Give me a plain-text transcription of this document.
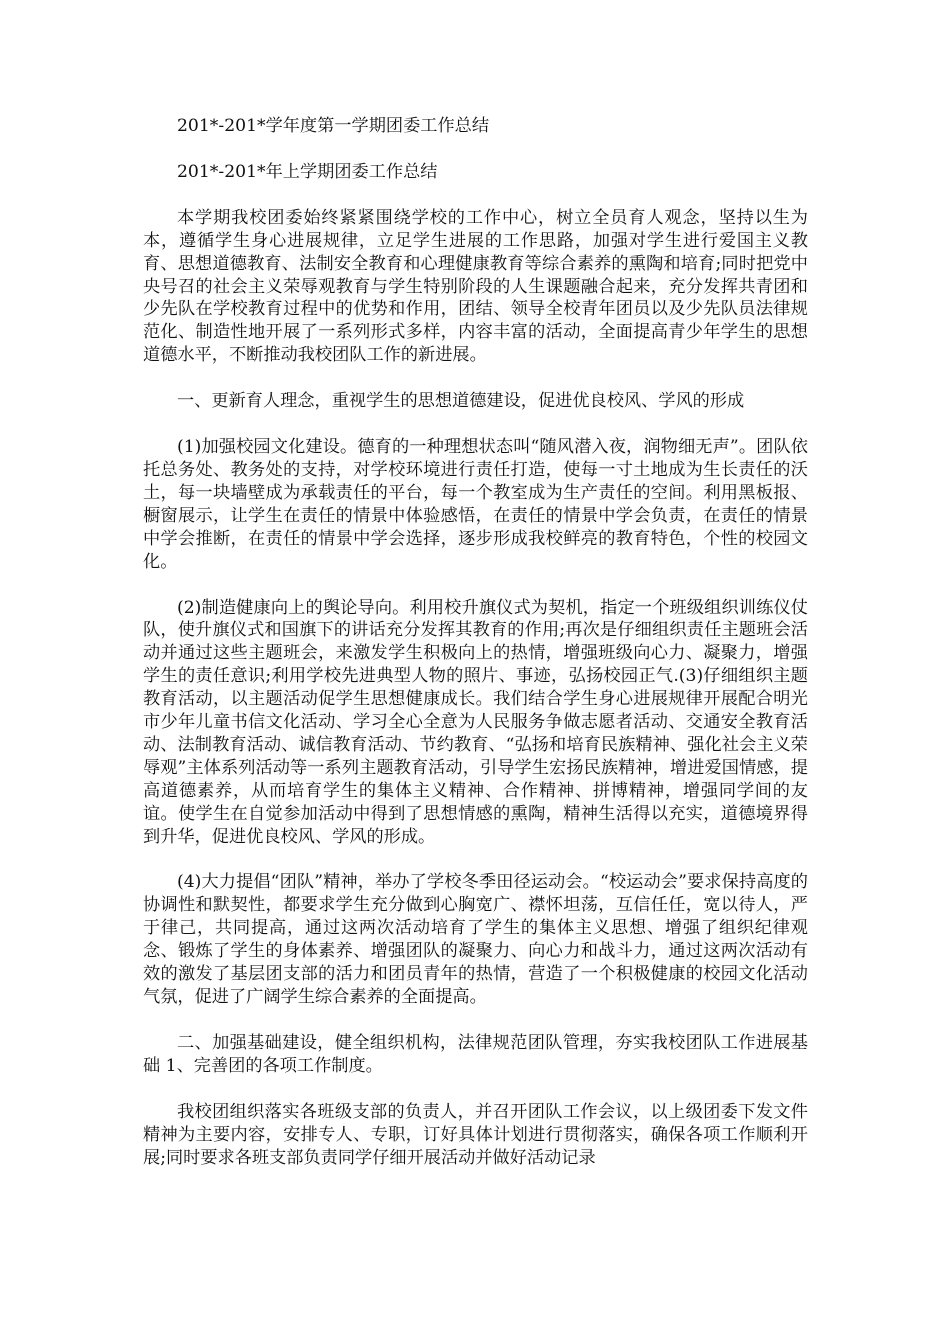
201*-201*学年度第一学期团委工作总结

201*-201*年上学期团委工作总结

本学期我校团委始终紧紧围绕学校的工作中心，树立全员育人观念，坚持以生为本，遵循学生身心进展规律，立足学生进展的工作思路，加强对学生进行爱国主义教育、思想道德教育、法制安全教育和心理健康教育等综合素养的熏陶和培育;同时把党中央号召的社会主义荣辱观教育与学生特别阶段的人生课题融合起来，充分发挥共青团和少先队在学校教育过程中的优势和作用，团结、领导全校青年团员以及少先队员法律规范化、制造性地开展了一系列形式多样，内容丰富的活动，全面提高青少年学生的思想道德水平，不断推动我校团队工作的新进展。

一、更新育人理念，重视学生的思想道德建设，促进优良校风、学风的形成

(1)加强校园文化建设。德育的一种理想状态叫“随风潜入夜，润物细无声”。团队依托总务处、教务处的支持，对学校环境进行责任打造，使每一寸土地成为生长责任的沃土，每一块墙壁成为承载责任的平台，每一个教室成为生产责任的空间。利用黑板报、橱窗展示，让学生在责任的情景中体验感悟，在责任的情景中学会负责，在责任的情景中学会推断，在责任的情景中学会选择，逐步形成我校鲜亮的教育特色，个性的校园文化。

(2)制造健康向上的舆论导向。利用校升旗仪式为契机，指定一个班级组织训练仪仗队，使升旗仪式和国旗下的讲话充分发挥其教育的作用;再次是仔细组织责任主题班会活动并通过这些主题班会，来激发学生积极向上的热情，增强班级向心力、凝聚力，增强学生的责任意识;利用学校先进典型人物的照片、事迹，弘扬校园正气.(3)仔细组织主题教育活动，以主题活动促学生思想健康成长。我们结合学生身心进展规律开展配合明光市少年儿童书信文化活动、学习全心全意为人民服务争做志愿者活动、交通安全教育活动、法制教育活动、诚信教育活动、节约教育、“弘扬和培育民族精神、强化社会主义荣辱观”主体系列活动等一系列主题教育活动，引导学生宏扬民族精神，增进爱国情感，提高道德素养，从而培育学生的集体主义精神、合作精神、拼博精神，增强同学间的友谊。使学生在自觉参加活动中得到了思想情感的熏陶，精神生活得以充实，道德境界得到升华，促进优良校风、学风的形成。

(4)大力提倡“团队”精神，举办了学校冬季田径运动会。“校运动会”要求保持高度的协调性和默契性，都要求学生充分做到心胸宽广、襟怀坦荡，互信任任，宽以待人，严于律己，共同提高，通过这两次活动培育了学生的集体主义思想、增强了组织纪律观念、锻炼了学生的身体素养、增强团队的凝聚力、向心力和战斗力，通过这两次活动有效的激发了基层团支部的活力和团员青年的热情，营造了一个积极健康的校园文化活动气氛，促进了广阔学生综合素养的全面提高。

二、加强基础建设，健全组织机构，法律规范团队管理，夯实我校团队工作进展基础 1、完善团的各项工作制度。

我校团组织落实各班级支部的负责人，并召开团队工作会议，以上级团委下发文件精神为主要内容，安排专人、专职，订好具体计划进行贯彻落实，确保各项工作顺利开展;同时要求各班支部负责同学仔细开展活动并做好活动记录
